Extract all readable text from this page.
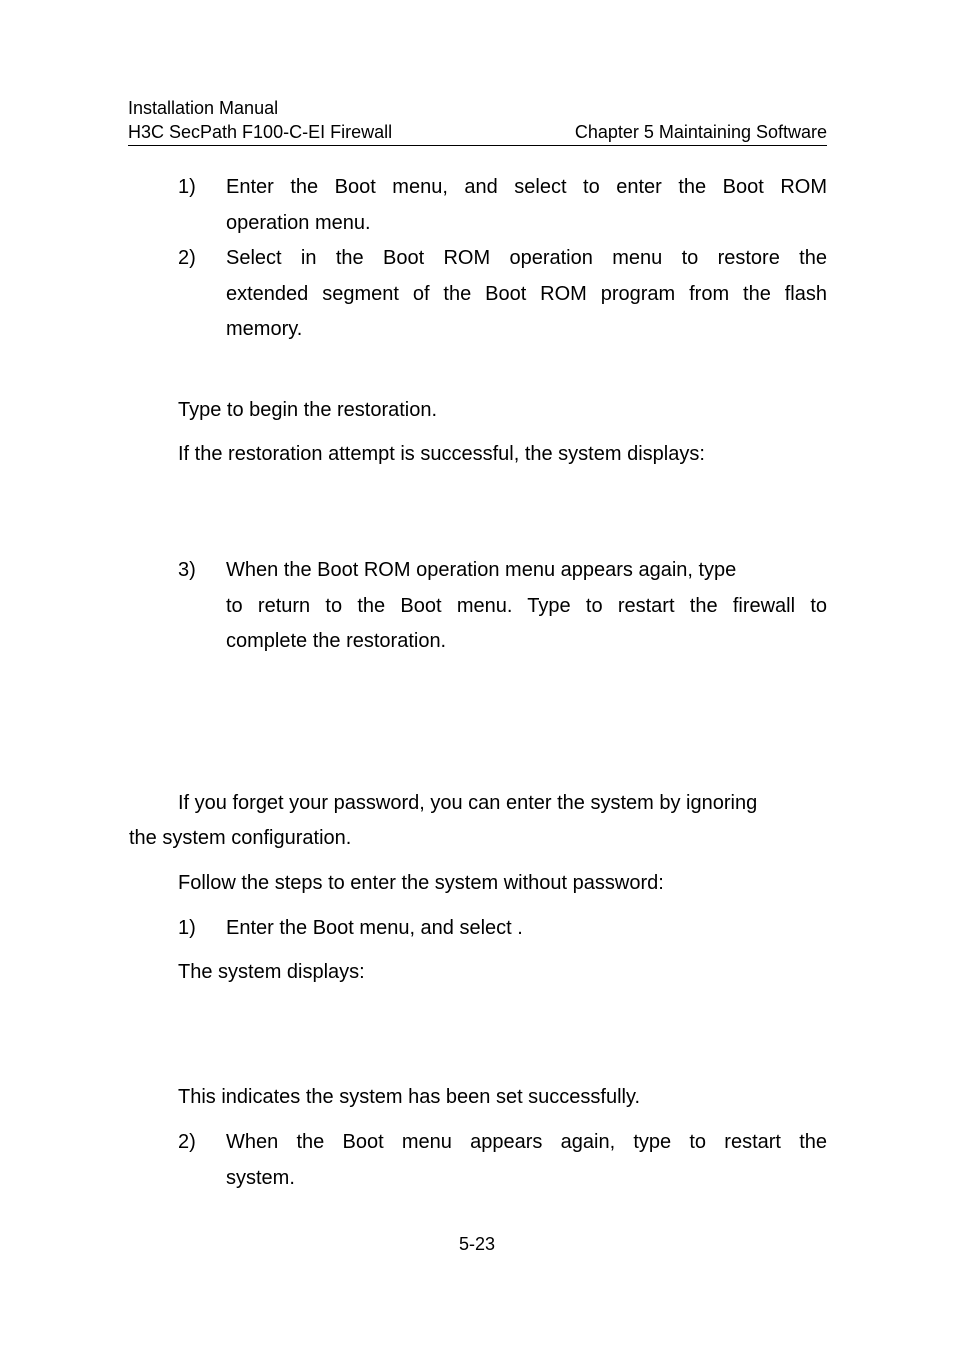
Installation Manual
H3C SecPath F100-C-EI Firewall	Chapter 5 Maintaining Software
1) Enter the Boot menu, and select to enter the Boot ROM
operation menu.
2) Select in the Boot ROM operation menu to restore the
extended segment of the Boot ROM program from the flash
memory.
Type to begin the restoration.
If the restoration attempt is successful, the system displays:
3) When the Boot ROM operation menu appears again, type
to return to the Boot menu. Type to restart the firewall to
complete the restoration.
If you forget your password, you can enter the system by ignoring
the system configuration.
Follow the steps to enter the system without password:
1) Enter the Boot menu, and select .
The system displays:
This indicates the system has been set successfully.
2) When the Boot menu appears again, type to restart the
system.
5-23
